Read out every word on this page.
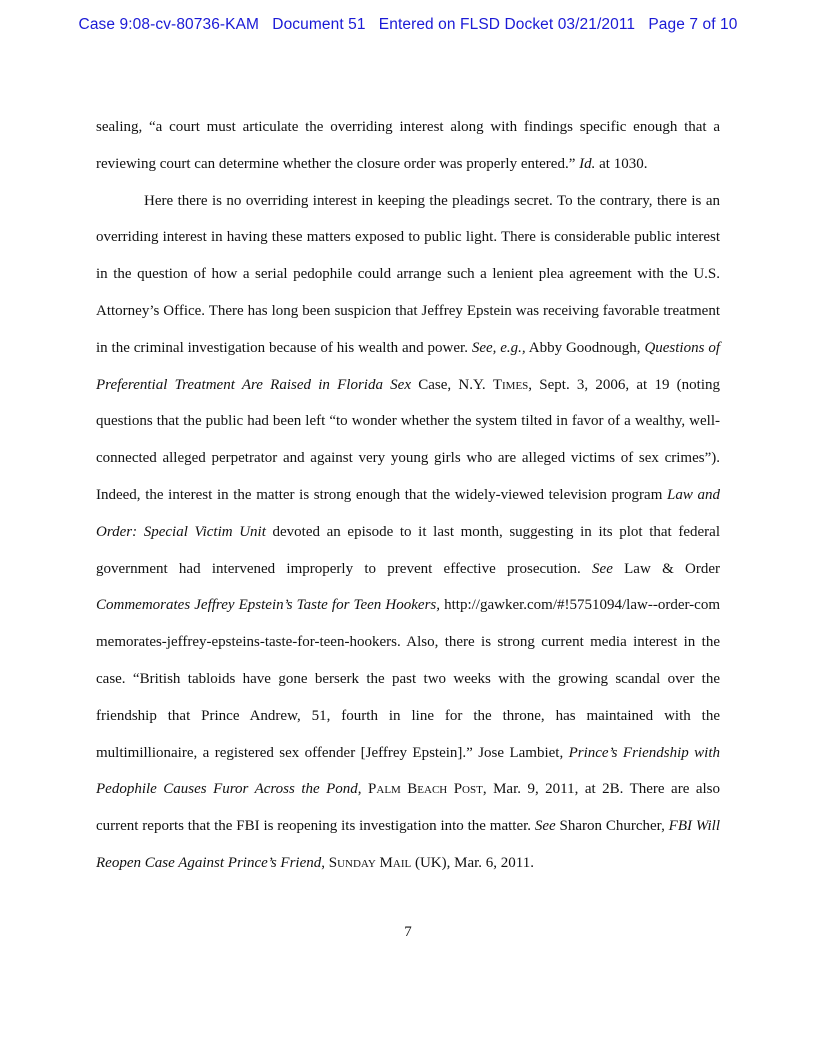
Case 9:08-cv-80736-KAM   Document 51   Entered on FLSD Docket 03/21/2011   Page 7 of 10

sealing, “a court must articulate the overriding interest along with findings specific enough that a reviewing court can determine whether the closure order was properly entered.” Id. at 1030.

Here there is no overriding interest in keeping the pleadings secret. To the contrary, there is an overriding interest in having these matters exposed to public light. There is considerable public interest in the question of how a serial pedophile could arrange such a lenient plea agreement with the U.S. Attorney’s Office. There has long been suspicion that Jeffrey Epstein was receiving favorable treatment in the criminal investigation because of his wealth and power. See, e.g., Abby Goodnough, Questions of Preferential Treatment Are Raised in Florida Sex Case, N.Y. Times, Sept. 3, 2006, at 19 (noting questions that the public had been left “to wonder whether the system tilted in favor of a wealthy, well-connected alleged perpetrator and against very young girls who are alleged victims of sex crimes”). Indeed, the interest in the matter is strong enough that the widely-viewed television program Law and Order: Special Victim Unit devoted an episode to it last month, suggesting in its plot that federal government had intervened improperly to prevent effective prosecution. See Law & Order Commemorates Jeffrey Epstein’s Taste for Teen Hookers, http://gawker.com/#!5751094/law--order-commemorates-jeffrey-epsteins-taste-for-teen-hookers. Also, there is strong current media interest in the case. “British tabloids have gone berserk the past two weeks with the growing scandal over the friendship that Prince Andrew, 51, fourth in line for the throne, has maintained with the multimillionaire, a registered sex offender [Jeffrey Epstein].” Jose Lambiet, Prince’s Friendship with Pedophile Causes Furor Across the Pond, Palm Beach Post, Mar. 9, 2011, at 2B. There are also current reports that the FBI is reopening its investigation into the matter. See Sharon Churcher, FBI Will Reopen Case Against Prince’s Friend, Sunday Mail (UK), Mar. 6, 2011.

7
